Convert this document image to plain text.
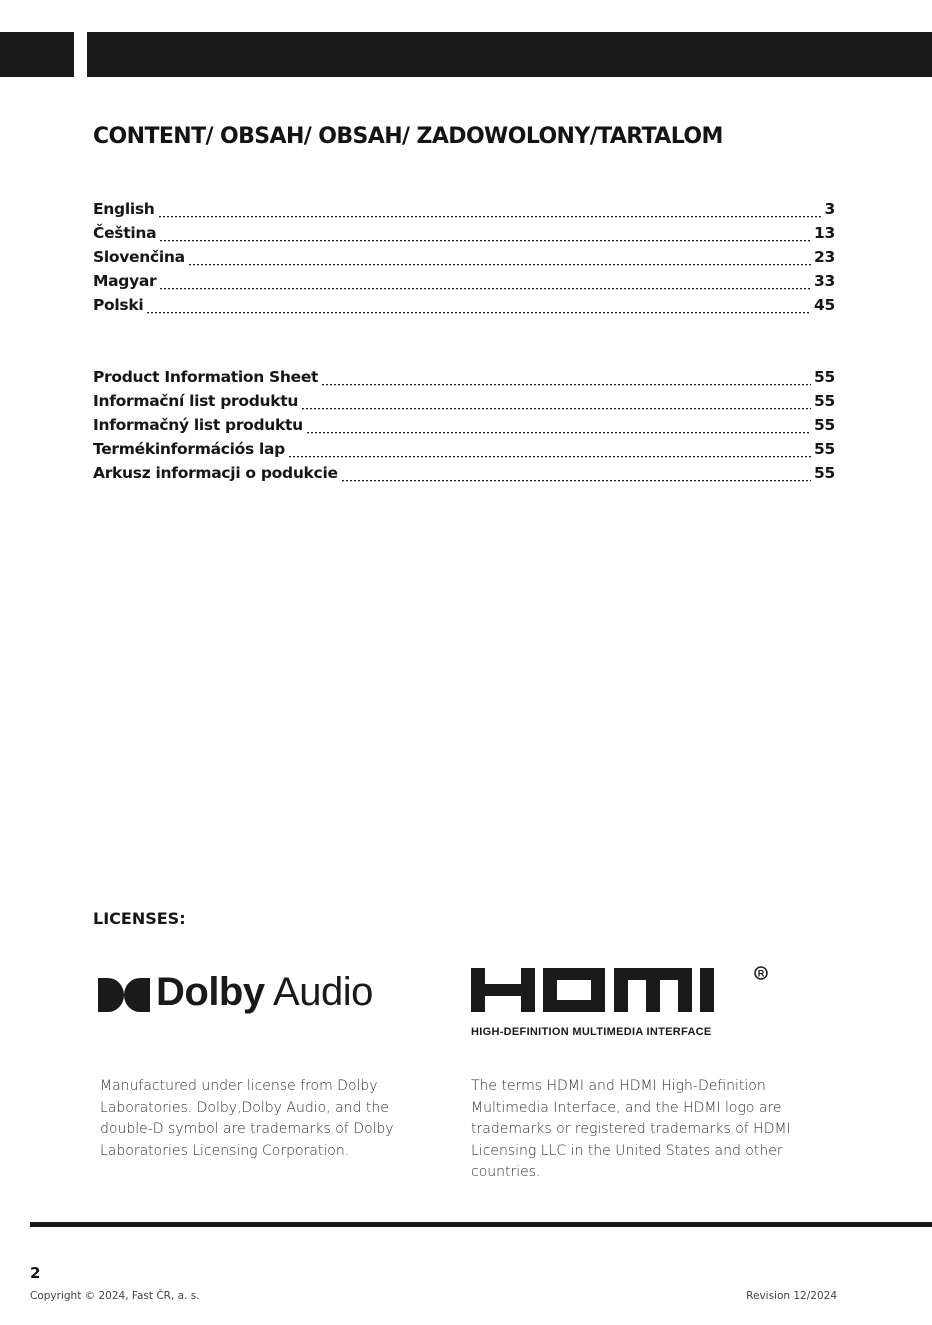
CONTENT/ OBSAH/ OBSAH/ ZADOWOLONY/TARTALOM
English	3
Čeština	13
Slovenčina	23
Magyar	33
Polski	45
Product Information Sheet	55
Informační list produktu	55
Informačný list produktu	55
Termékinformációs lap	55
Arkusz informacji o podukcie	55
LICENSES:
Dolby Audio	R
HIGH-DEFINITION MULTIMEDIA INTERFACE

Manufactured under license from Dolby Laboratories. Dolby,Dolby Audio, and the double-D symbol are trademarks of Dolby Laboratories Licensing Corporation.

The terms HDMI and HDMI High-Definition Multimedia Interface, and the HDMI logo are trademarks or registered trademarks of HDMI Licensing LLC in the United States and other countries.

2
Copyright © 2024, Fast ČR, a. s.	Revision 12/2024
